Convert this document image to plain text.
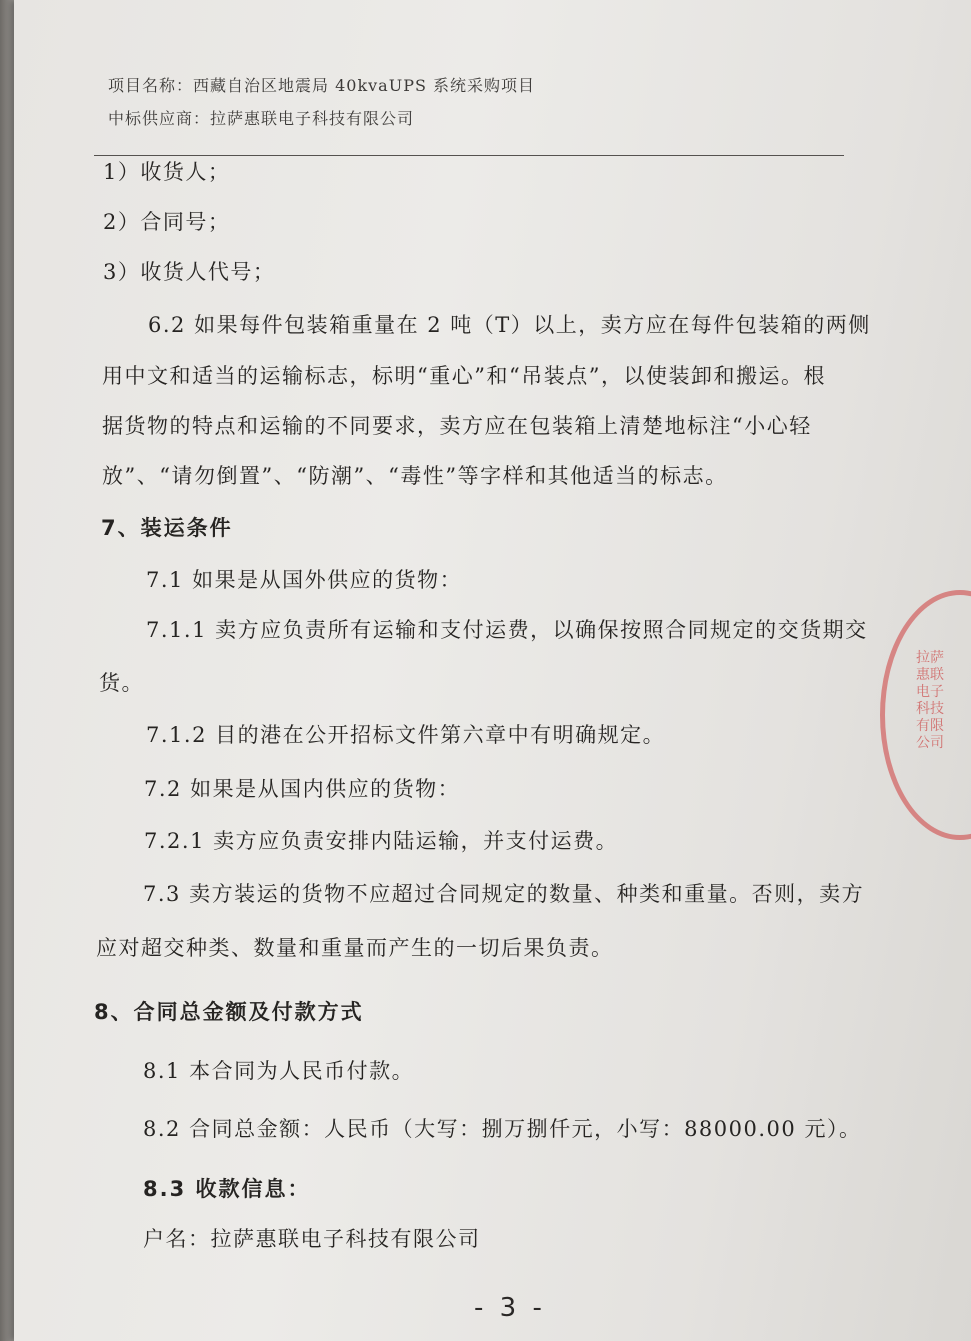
项目名称：西藏自治区地震局 40kvaUPS 系统采购项目
中标供应商：拉萨惠联电子科技有限公司
1）收货人；
2）合同号；
3）收货人代号；
6.2 如果每件包装箱重量在 2 吨（T）以上，卖方应在每件包装箱的两侧
用中文和适当的运输标志，标明“重心”和“吊装点”，以使装卸和搬运。根
据货物的特点和运输的不同要求，卖方应在包装箱上清楚地标注“小心轻
放”、“请勿倒置”、“防潮”、“毒性”等字样和其他适当的标志。
7、装运条件
7.1 如果是从国外供应的货物：
7.1.1 卖方应负责所有运输和支付运费，以确保按照合同规定的交货期交
货。
7.1.2 目的港在公开招标文件第六章中有明确规定。
7.2 如果是从国内供应的货物：
7.2.1 卖方应负责安排内陆运输，并支付运费。
7.3 卖方装运的货物不应超过合同规定的数量、种类和重量。否则，卖方
应对超交种类、数量和重量而产生的一切后果负责。
8、合同总金额及付款方式
8.1 本合同为人民币付款。
8.2 合同总金额：人民币（大写：捌万捌仟元，小写：88000.00 元）。
8.3 收款信息：
户名：拉萨惠联电子科技有限公司
拉萨惠联电子科技有限公司
- 3 -
